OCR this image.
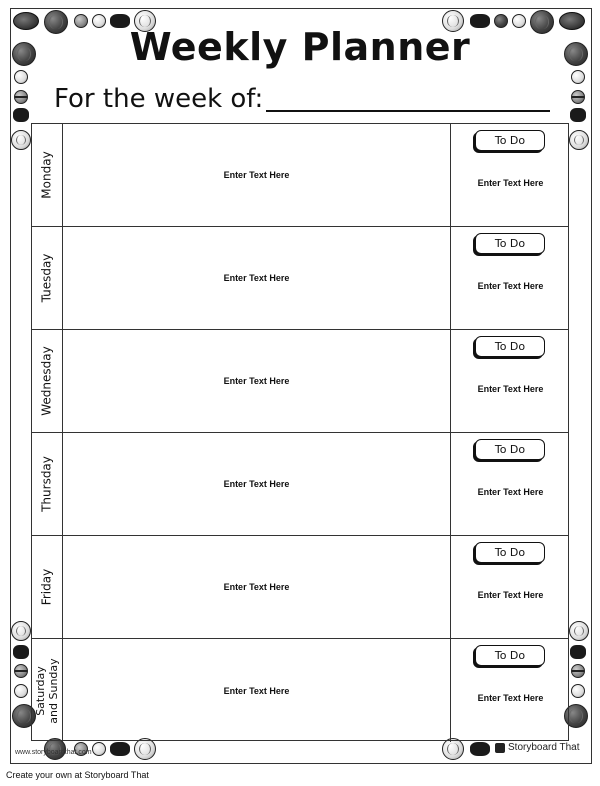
Weekly Planner
For the week of:
Monday	Enter Text Here
To Do
Enter Text Here
Tuesday	Enter Text Here
To Do
Enter Text Here
Wednesday	Enter Text Here
To Do
Enter Text Here
Thursday	Enter Text Here
To Do
Enter Text Here
Friday	Enter Text Here
To Do
Enter Text Here
Saturday and Sunday	Enter Text Here
To Do
Enter Text Here
www.storyboardthat.com	Storyboard That
Create your own at Storyboard That
